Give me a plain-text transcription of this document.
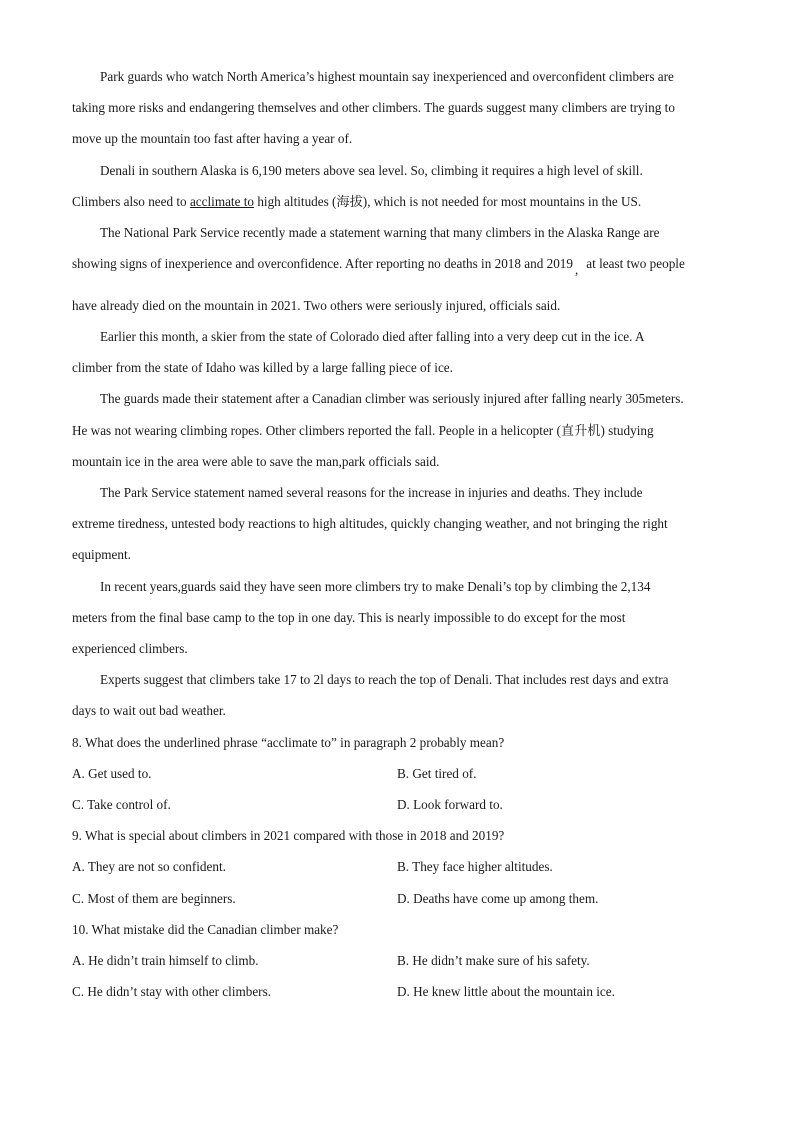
Park guards who watch North America’s highest mountain say inexperienced and overconfident climbers are
taking more risks and endangering themselves and other climbers. The guards suggest many climbers are trying to
move up the mountain too fast after having a year of.
Denali in southern Alaska is 6,190 meters above sea level. So, climbing it requires a high level of skill.
Climbers also need to acclimate to high altitudes (海拔), which is not needed for most mountains in the US.
The National Park Service recently made a statement warning that many climbers in the Alaska Range are
showing signs of inexperience and overconfidence. After reporting no deaths in 2018 and 2019 , at least two people
have already died on the mountain in 2021. Two others were seriously injured, officials said.
Earlier this month, a skier from the state of Colorado died after falling into a very deep cut in the ice. A
climber from the state of Idaho was killed by a large falling piece of ice.
The guards made their statement after a Canadian climber was seriously injured after falling nearly 305meters.
He was not wearing climbing ropes. Other climbers reported the fall. People in a helicopter (直升机) studying
mountain ice in the area were able to save the man,park officials said.
The Park Service statement named several reasons for the increase in injuries and deaths. They include
extreme tiredness, untested body reactions to high altitudes, quickly changing weather, and not bringing the right
equipment.
In recent years,guards said they have seen more climbers try to make Denali’s top by climbing the 2,134
meters from the final base camp to the top in one day. This is nearly impossible to do except for the most
experienced climbers.
Experts suggest that climbers take 17 to 2l days to reach the top of Denali. That includes rest days and extra
days to wait out bad weather.
8. What does the underlined phrase “acclimate to” in paragraph 2 probably mean?
A. Get used to.	B. Get tired of.
C. Take control of.	D. Look forward to.
9. What is special about climbers in 2021 compared with those in 2018 and 2019?
A. They are not so confident.	B. They face higher altitudes.
C. Most of them are beginners.	D. Deaths have come up among them.
10. What mistake did the Canadian climber make?
A. He didn’t train himself to climb.	B. He didn’t make sure of his safety.
C. He didn’t stay with other climbers.	D. He knew little about the mountain ice.
